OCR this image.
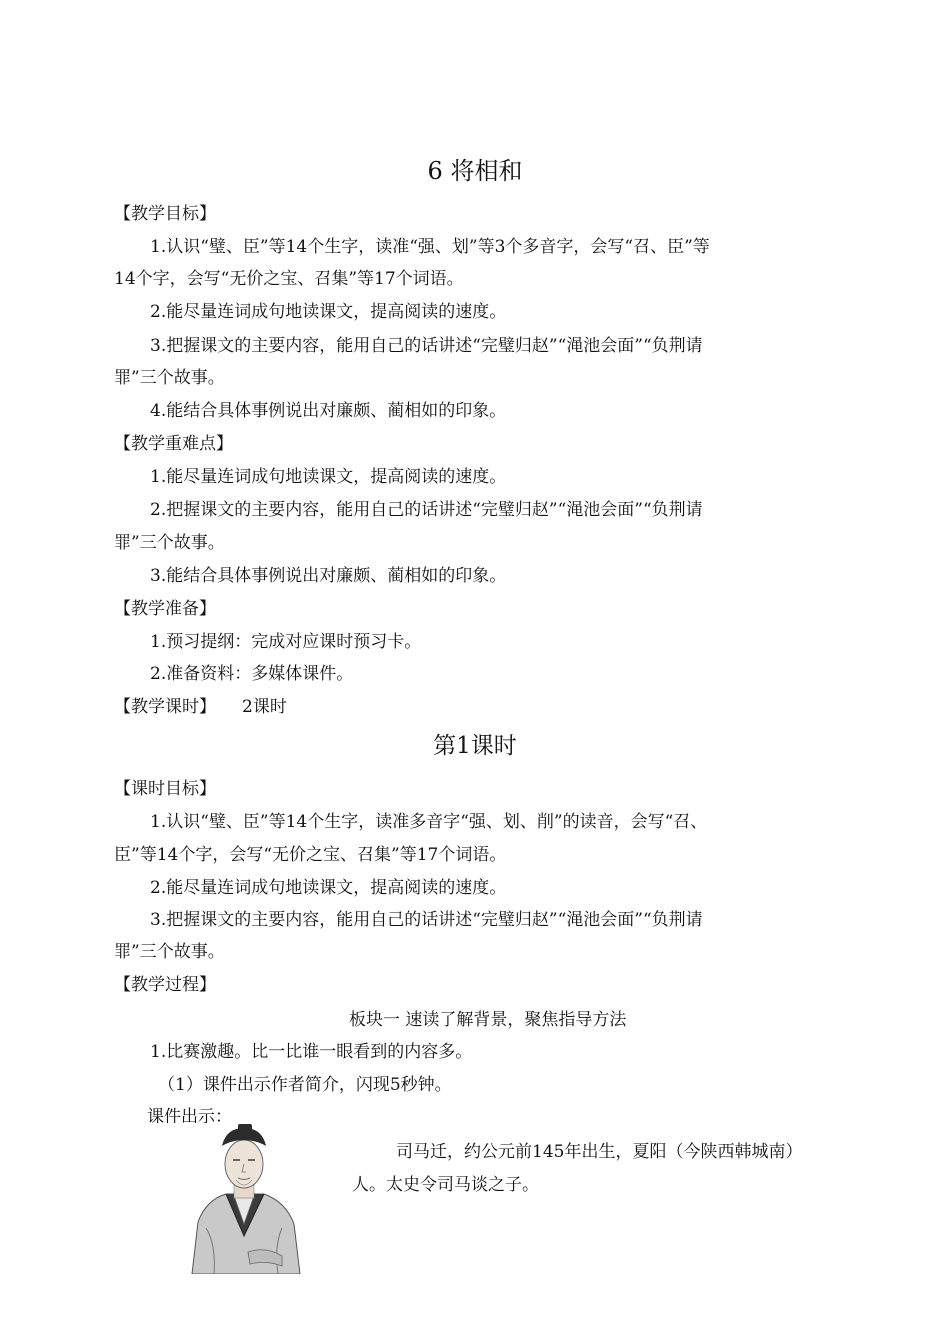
6 将相和
【教学目标】
1.认识“璧、臣”等14个生字，读准“强、划”等3个多音字，会写“召、臣”等
14个字，会写“无价之宝、召集”等17个词语。
2.能尽量连词成句地读课文，提高阅读的速度。
3.把握课文的主要内容，能用自己的话讲述“完璧归赵”“渑池会面”“负荆请
罪”三个故事。
4.能结合具体事例说出对廉颇、蔺相如的印象。
【教学重难点】
1.能尽量连词成句地读课文，提高阅读的速度。
2.把握课文的主要内容，能用自己的话讲述“完璧归赵”“渑池会面”“负荆请
罪”三个故事。
3.能结合具体事例说出对廉颇、蔺相如的印象。
【教学准备】
1.预习提纲：完成对应课时预习卡。
2.准备资料：多媒体课件。
【教学课时】 2课时
第1课时
【课时目标】
1.认识“璧、臣”等14个生字，读准多音字“强、划、削”的读音，会写“召、
臣”等14个字，会写“无价之宝、召集”等17个词语。
2.能尽量连词成句地读课文，提高阅读的速度。
3.把握课文的主要内容，能用自己的话讲述“完璧归赵”“渑池会面”“负荆请
罪”三个故事。
【教学过程】
板块一 速读了解背景，聚焦指导方法
1.比赛激趣。比一比谁一眼看到的内容多。
（1）课件出示作者简介，闪现5秒钟。
课件出示：
司马迁，约公元前145年出生，夏阳（今陕西韩城南）
人。太史令司马谈之子。
